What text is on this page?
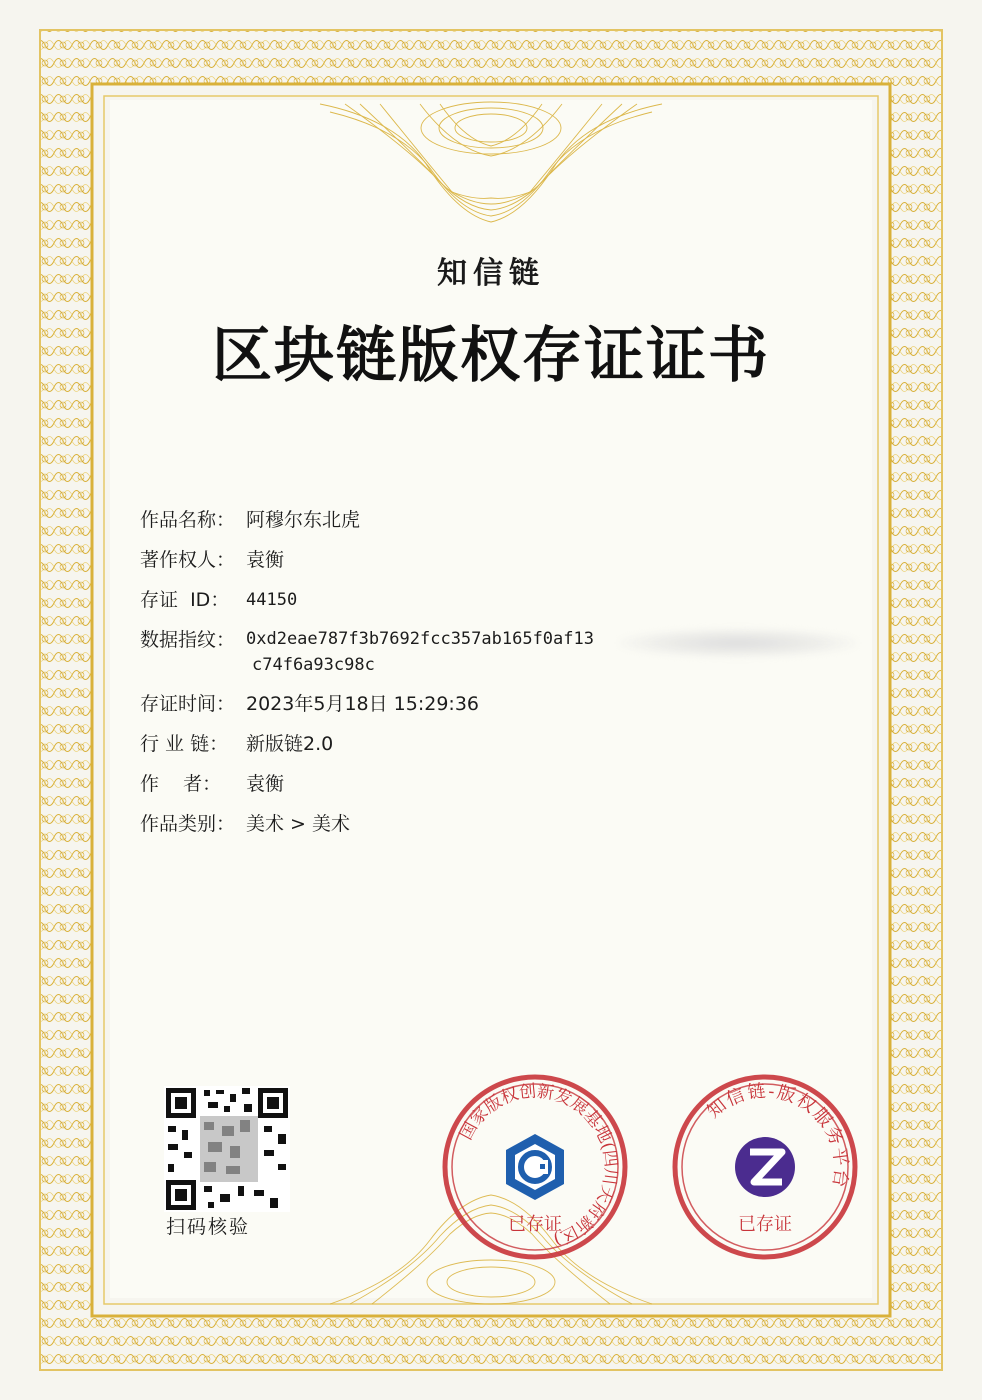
知信链
区块链版权存证证书
作品名称： 阿穆尔东北虎
著作权人： 袁衡
存证  ID： 44150
数据指纹： 0xd2eae787f3b7692fcc357ab165f0af13
c74f6a93c98c
存证时间： 2023年5月18日 15:29:36
行 业 链： 新版链2.0
作    者：	袁衡
作品类别： 美术 > 美术
扫码核验
国家版权创新发展基地(四川天府新区)
已存证
知信链-版权服务平台
已存证
